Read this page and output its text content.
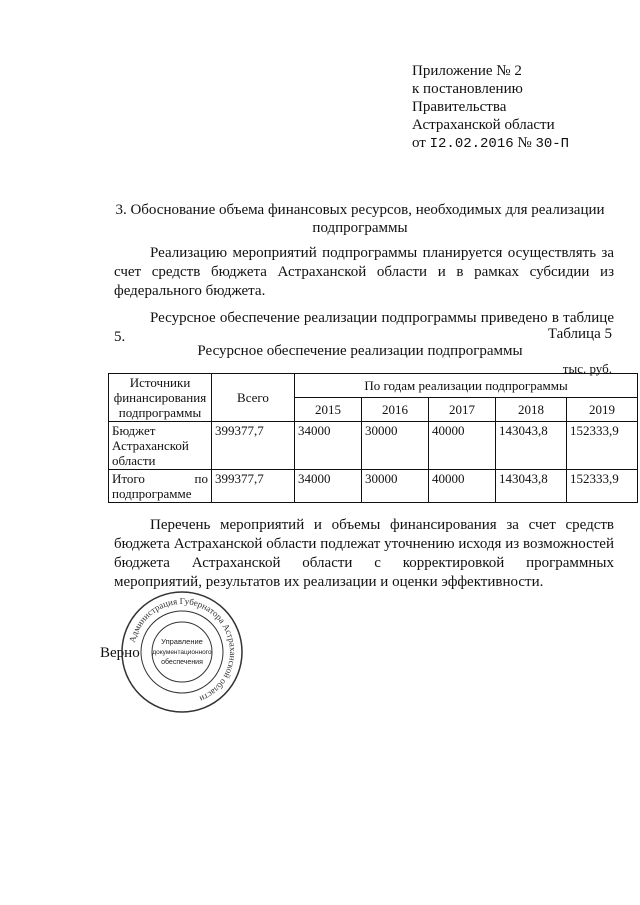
Приложение № 2
к постановлению
Правительства
Астраханской области
от I2.02.2016 № 30-П
3. Обоснование объема финансовых ресурсов, необходимых для реализации подпрограммы
Реализацию мероприятий подпрограммы планируется осуществлять за счет средств бюджета Астраханской области и в рамках субсидии из федерального бюджета.
Ресурсное обеспечение реализации подпрограммы приведено в таблице 5.	Таблица 5
Ресурсное обеспечение реализации подпрограммы
тыс. руб.
Источники финансирования подпрограммы	Всего	По годам реализации подпрограммы				
		2015	2016	2017	2018	2019
Бюджет Астраханской области	399377,7	34000	30000	40000	143043,8	152333,9
Итого по подпрограмме	399377,7	34000	30000	40000	143043,8	152333,9
Перечень мероприятий и объемы финансирования за счет средств бюджета Астраханской области подлежат уточнению исходя из возможностей бюджета Астраханской области с корректировкой программных мероприятий, результатов их реализации и оценки эффективности.
Верно
Администрация Губернатора Астраханской области
Управление
документационного
обеспечения
